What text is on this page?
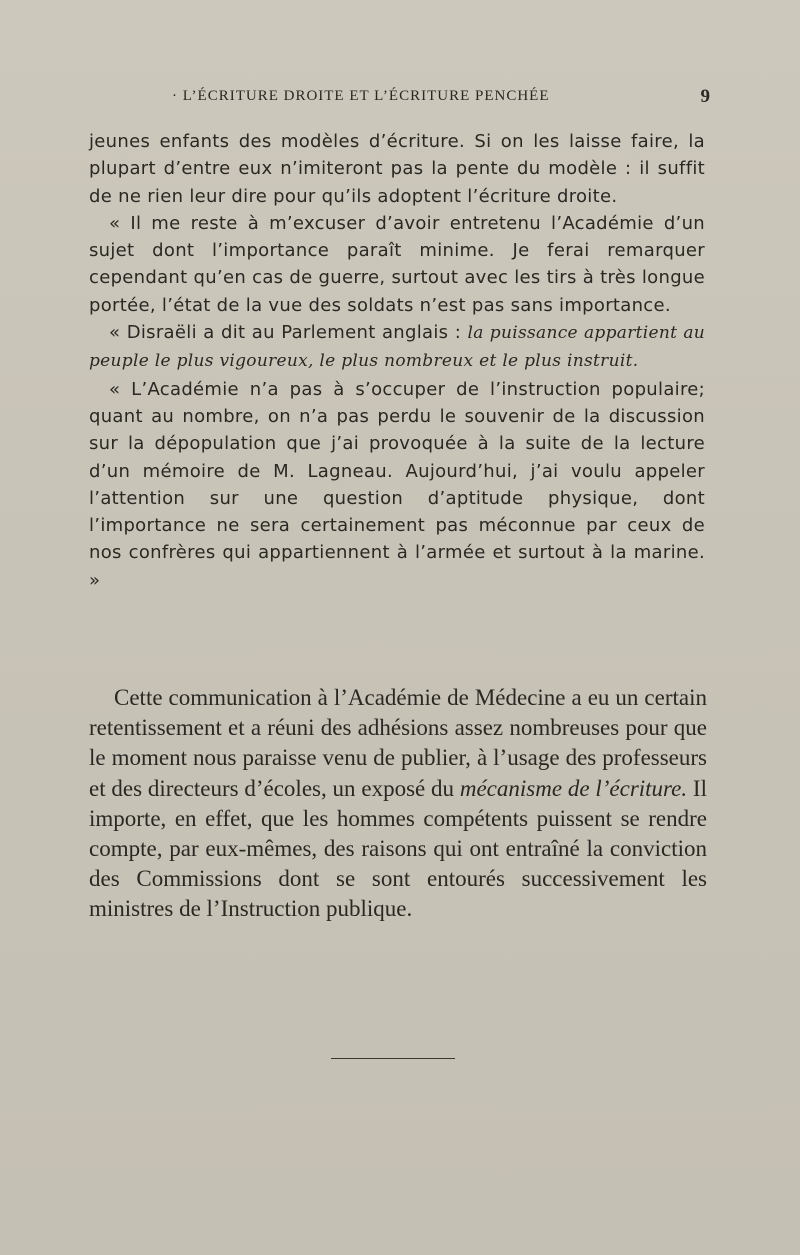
· L’ÉCRITURE DROITE ET L’ÉCRITURE PENCHÉE	9

jeunes enfants des modèles d’écriture. Si on les laisse faire, la plupart d’entre eux n’imiteront pas la pente du modèle : il suffit de ne rien leur dire pour qu’ils adoptent l’écriture droite.

« Il me reste à m’excuser d’avoir entretenu l’Académie d’un sujet dont l’importance paraît minime. Je ferai remarquer cependant qu’en cas de guerre, surtout avec les tirs à très longue portée, l’état de la vue des soldats n’est pas sans importance.

« Disraëli a dit au Parlement anglais : la puissance appartient au peuple le plus vigoureux, le plus nombreux et le plus instruit.

« L’Académie n’a pas à s’occuper de l’instruction populaire; quant au nombre, on n’a pas perdu le souvenir de la discussion sur la dépopulation que j’ai provoquée à la suite de la lecture d’un mémoire de M. Lagneau. Aujourd’hui, j’ai voulu appeler l’attention sur une question d’aptitude physique, dont l’importance ne sera certainement pas méconnue par ceux de nos confrères qui appartiennent à l’armée et surtout à la marine. »

Cette communication à l’Académie de Médecine a eu un certain retentissement et a réuni des adhésions assez nombreuses pour que le moment nous paraisse venu de publier, à l’usage des professeurs et des directeurs d’écoles, un exposé du mécanisme de l’écriture. Il importe, en effet, que les hommes compétents puissent se rendre compte, par eux-mêmes, des raisons qui ont entraîné la conviction des Commissions dont se sont entourés successivement les ministres de l’Instruction publique.
